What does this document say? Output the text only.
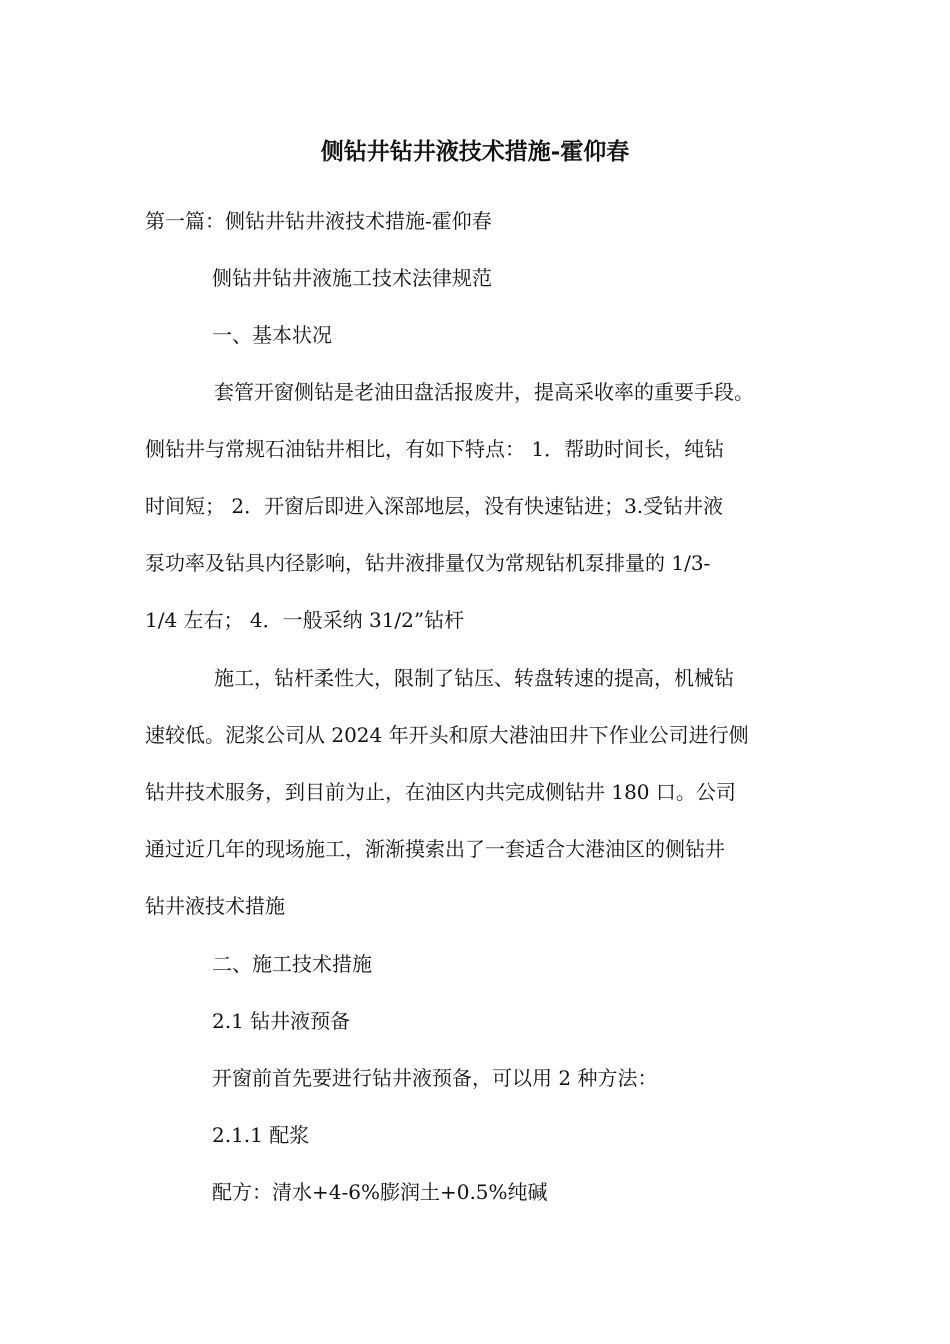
侧钻井钻井液技术措施-霍仰春
第一篇：侧钻井钻井液技术措施-霍仰春
侧钻井钻井液施工技术法律规范
一、基本状况
套管开窗侧钻是老油田盘活报废井，提高采收率的重要手段。
侧钻井与常规石油钻井相比，有如下特点： 1．帮助时间长，纯钻
时间短； 2．开窗后即进入深部地层，没有快速钻进；3.受钻井液
泵功率及钻具内径影响，钻井液排量仅为常规钻机泵排量的 1/3-
1/4 左右； 4．一般采纳 31/2”钻杆
施工，钻杆柔性大，限制了钻压、转盘转速的提高，机械钻
速较低。泥浆公司从 2024 年开头和原大港油田井下作业公司进行侧
钻井技术服务，到目前为止，在油区内共完成侧钻井 180 口。公司
通过近几年的现场施工，渐渐摸索出了一套适合大港油区的侧钻井
钻井液技术措施
二、施工技术措施
2.1 钻井液预备
开窗前首先要进行钻井液预备，可以用 2 种方法：
2.1.1 配浆
配方：清水+4-6%膨润土+0.5%纯碱
